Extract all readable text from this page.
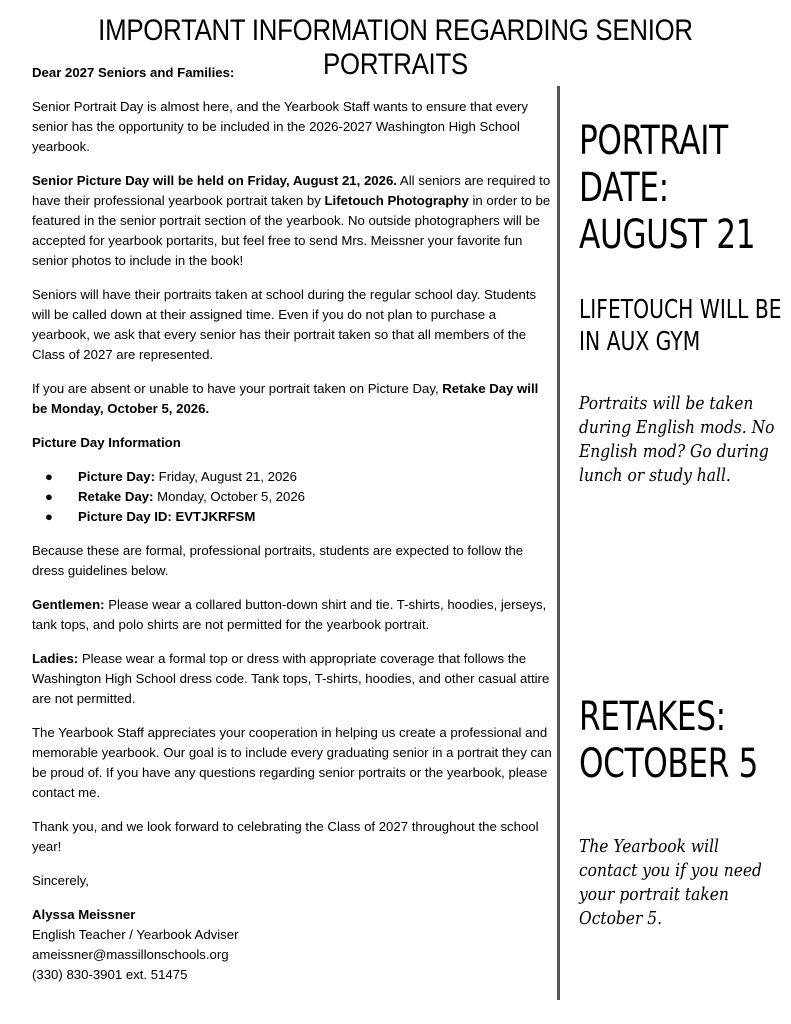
IMPORTANT INFORMATION REGARDING SENIOR PORTRAITS

Dear 2027 Seniors and Families:

Senior Portrait Day is almost here, and the Yearbook Staff wants to ensure that every senior has the opportunity to be included in the 2026-2027 Washington High School yearbook.

Senior Picture Day will be held on Friday, August 21, 2026. All seniors are required to have their professional yearbook portrait taken by Lifetouch Photography in order to be featured in the senior portrait section of the yearbook. No outside photographers will be accepted for yearbook portarits, but feel free to send Mrs. Meissner your favorite fun senior photos to include in the book!

Seniors will have their portraits taken at school during the regular school day. Students will be called down at their assigned time. Even if you do not plan to purchase a yearbook, we ask that every senior has their portrait taken so that all members of the Class of 2027 are represented.

If you are absent or unable to have your portrait taken on Picture Day, Retake Day will be Monday, October 5, 2026.

Picture Day Information

● Picture Day: Friday, August 21, 2026
● Retake Day: Monday, October 5, 2026
● Picture Day ID: EVTJKRFSM

Because these are formal, professional portraits, students are expected to follow the dress guidelines below.

Gentlemen: Please wear a collared button-down shirt and tie. T-shirts, hoodies, jerseys, tank tops, and polo shirts are not permitted for the yearbook portrait.

Ladies: Please wear a formal top or dress with appropriate coverage that follows the Washington High School dress code. Tank tops, T-shirts, hoodies, and other casual attire are not permitted.

The Yearbook Staff appreciates your cooperation in helping us create a professional and memorable yearbook. Our goal is to include every graduating senior in a portrait they can be proud of. If you have any questions regarding senior portraits or the yearbook, please contact me.

Thank you, and we look forward to celebrating the Class of 2027 throughout the school year!

Sincerely,

Alyssa Meissner

English Teacher / Yearbook Adviser

ameissner@massillonschools.org

(330) 830-3901 ext. 51475

PORTRAIT
DATE:
AUGUST 21
LIFETOUCH WILL BE
IN AUX GYM
Portraits will be taken during English mods. No English mod? Go during lunch or study hall.
RETAKES:
OCTOBER 5
The Yearbook will contact you if you need your portrait taken October 5.
